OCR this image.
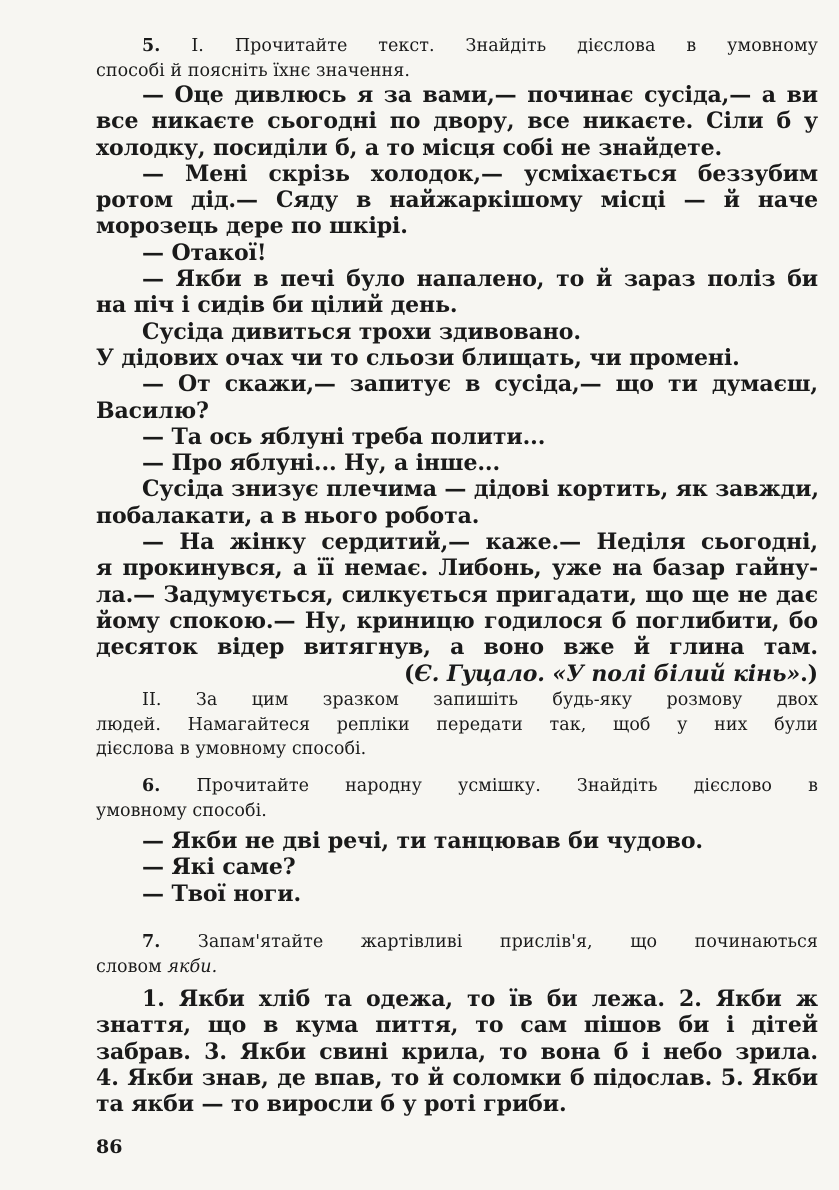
5. І. Прочитайте текст. Знайдіть дієслова в умовному

способі й поясніть їхнє значення.

— Оце дивлюсь я за вами,— починає сусіда,— а ви

все никаєте сьогодні по двору, все никаєте. Сіли б у

холодку, посиділи б, а то місця собі не знайдете.

— Мені скрізь холодок,— усміхається беззубим

ротом дід.— Сяду в найжаркішому місці — й наче

морозець дере по шкірі.

— Отакої!

— Якби в печі було напалено, то й зараз поліз би

на піч і сидів би цілий день.

Сусіда дивиться трохи здивовано.

У дідових очах чи то сльози блищать, чи промені.

— От скажи,— запитує в сусіда,— що ти думаєш,

Василю?

— Та ось яблуні треба полити...

— Про яблуні... Ну, а інше...

Сусіда знизує плечима — дідові кортить, як завжди,

побалакати, а в нього робота.

— На жінку сердитий,— каже.— Неділя сьогодні,

я прокинувся, а її немає. Либонь, уже на базар гайну-

ла.— Задумується, силкується пригадати, що ще не дає

йому спокою.— Ну, криницю годилося б поглибити, бо

десяток відер витягнув, а воно вже й глина там.

(Є. Гуцало. «У полі білий кінь».)

ІІ. За цим зразком запишіть будь-яку розмову двох

людей. Намагайтеся репліки передати так, щоб у них були

дієслова в умовному способі.

6. Прочитайте народну усмішку. Знайдіть дієслово в

умовному способі.

— Якби не дві речі, ти танцював би чудово.

— Які саме?

— Твої ноги.

7. Запам'ятайте жартівливі прислів'я, що починаються

словом якби.

1. Якби хліб та одежа, то їв би лежа. 2. Якби ж

знаття, що в кума пиття, то сам пішов би і дітей

забрав. 3. Якби свині крила, то вона б і небо зрила.

4. Якби знав, де впав, то й соломки б підослав. 5. Якби

та якби — то виросли б у роті гриби.

86
